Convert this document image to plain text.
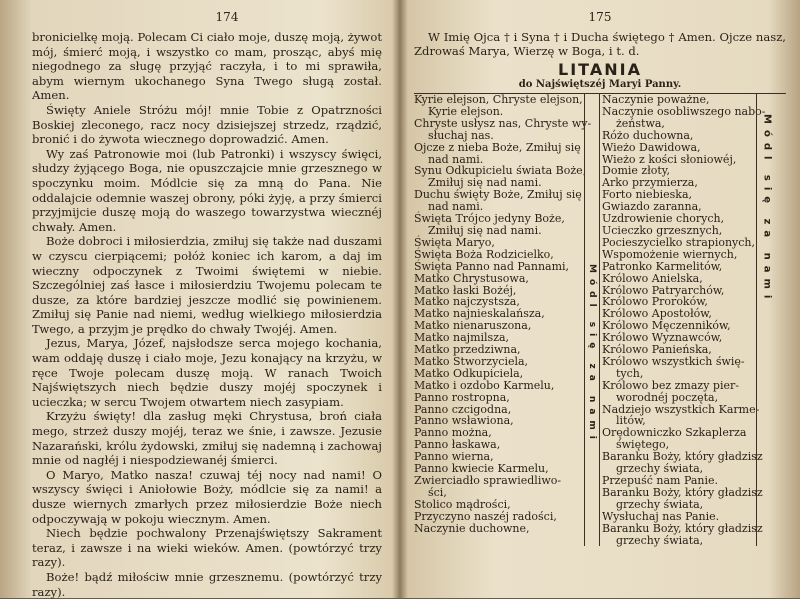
174

bronicielkę moją. Polecam Ci ciało moje, duszę moją, żywot mój, śmierć moją, i wszystko co mam, prosząc, abyś mię niegodnego za sługę przyjąć raczyła, i to mi sprawiła, abym wiernym ukochanego Syna Twego sługą został. Amen.

Święty Aniele Stróżu mój! mnie Tobie z Opatrzności Boskiej zleconego, racz nocy dzisiejszej strzedz, rządzić, bronić i do żywota wiecznego doprowadzić. Amen.

Wy zaś Patronowie moi (lub Patronki) i wszyscy święci, słudzy żyjącego Boga, nie opuszczajcie mnie grzesznego w spoczynku moim. Módlcie się za mną do Pana. Nie oddalajcie odemnie waszej obrony, póki żyję, a przy śmierci przyjmijcie duszę moją do waszego towarzystwa wiecznéj chwały. Amen.

Boże dobroci i miłosierdzia, zmiłuj się także nad duszami w czyscu cierpiącemi; połóż koniec ich karom, a daj im wieczny odpoczynek z Twoimi świętemi w niebie. Szczególniej zaś łasce i miłosierdziu Twojemu polecam te dusze, za które bardziej jeszcze modlić się powinienem. Zmiłuj się Panie nad niemi, według wielkiego miłosierdzia Twego, a przyjm je prędko do chwały Twojéj. Amen.

Jezus, Marya, Józef, najsłodsze serca mojego kochania, wam oddaję duszę i ciało moje, Jezu konający na krzyżu, w ręce Twoje polecam duszę moją. W ranach Twoich Najświętszych niech będzie duszy mojéj spoczynek i ucieczka; w sercu Twojem otwartem niech zasypiam.

Krzyżu święty! dla zasług męki Chrystusa, broń ciała mego, strzeż duszy mojéj, teraz we śnie, i zawsze. Jezusie Nazarański, królu żydowski, zmiłuj się nademną i zachowaj mnie od nagłéj i niespodziewanéj śmierci.

O Maryo, Matko nasza! czuwaj téj nocy nad nami! O wszyscy święci i Aniołowie Boży, módlcie się za nami! a dusze wiernych zmarłych przez miłosierdzie Boże niech odpoczywają w pokoju wiecznym. Amen.

Niech będzie pochwalony Przenajświętszy Sakrament teraz, i zawsze i na wieki wieków. Amen. (powtórzyć trzy razy).

Boże! bądź miłościw mnie grzesznemu. (powtórzyć trzy razy).

175

W Imię Ojca † i Syna † i Ducha świętego † Amen. Ojcze nasz, Zdrowaś Marya, Wierzę w Boga, i t. d.

LITANIA
do Najświętszéj Maryi Panny.
Kyrie elejson, Chryste elejson,
Kyrie elejson.
Chryste usłysz nas, Chryste wy-
słuchaj nas.
Ojcze z nieba Boże, Zmiłuj się
nad nami.
Synu Odkupicielu świata Boże,
Zmiłuj się nad nami.
Duchu święty Boże, Zmiłuj się
nad nami.
Święta Trójco jedyny Boże,
Zmiłuj się nad nami.
Święta Maryo,
Święta Boża Rodzicielko,
Święta Panno nad Pannami,
Matko Chrystusowa,
Matko łaski Bożéj,
Matko najczystsza,
Matko najnieskalańsza,
Matko nienaruszona,
Matko najmilsza,
Matko przedziwna,
Matko Stworzyciela,
Matko Odkupiciela,
Matko i ozdobo Karmelu,
Panno rostropna,
Panno czcigodna,
Panno wsławiona,
Panno można,
Panno łaskawa,
Panno wierna,
Panno kwiecie Karmelu,
Zwierciadło sprawiedliwo-
ści,
Stolico mądrości,
Przyczyno naszéj radości,
Naczynie duchowne,
Módl się za nami
Naczynie poważne,
Naczynie osobliwszego nabo-
żeństwa,
Różo duchowna,
Wieżo Dawidowa,
Wieżo z kości słoniowéj,
Domie złoty,
Arko przymierza,
Forto niebieska,
Gwiazdo zaranna,
Uzdrowienie chorych,
Ucieczko grzesznych,
Pocieszycielko strapionych,
Wspomożenie wiernych,
Patronko Karmelitów,
Królowo Anielska,
Królowo Patryarchów,
Królowo Proroków,
Królowo Apostołów,
Królowo Męczenników,
Królowo Wyznawców,
Królowo Panieńska,
Królowo wszystkich świę-
tych,
Królowo bez zmazy pier-
worodnéj poczęta,
Nadziejo wszystkich Karme-
litów,
Orędowniczko Szkaplerza
świętego,
Baranku Boży, który gładzisz
grzechy świata,
Przepuść nam Panie.
Baranku Boży, który gładzisz
grzechy świata,
Wysłuchaj nas Panie.
Baranku Boży, który gładzisz
grzechy świata,
Módl się za nami
